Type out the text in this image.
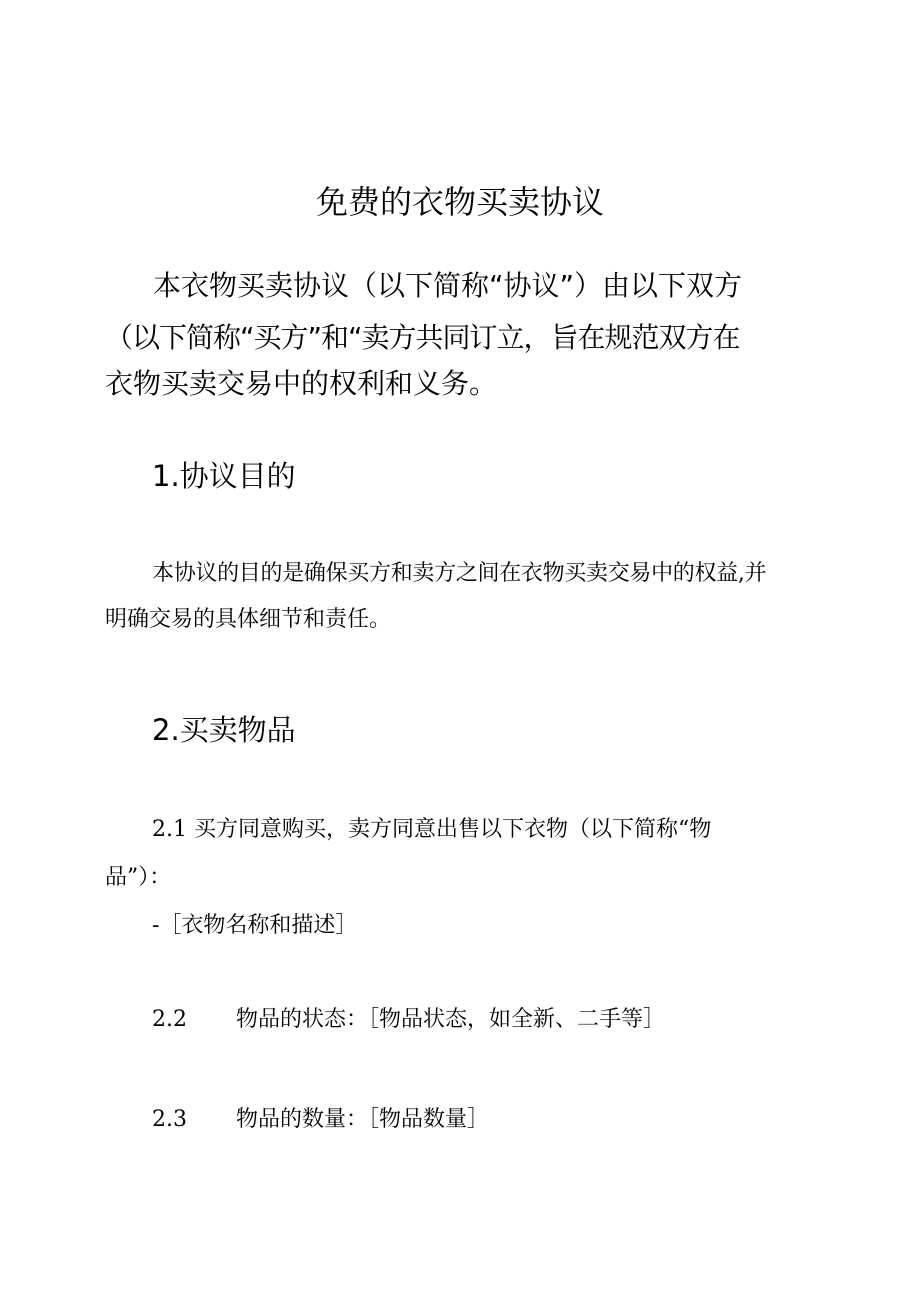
免费的衣物买卖协议
本衣物买卖协议（以下简称“协议”）由以下双方
（以下简称“买方”和“卖方共同订立，旨在规范双方在
衣物买卖交易中的权利和义务。
1.协议目的
本协议的目的是确保买方和卖方之间在衣物买卖交易中的权益,并
明确交易的具体细节和责任。
2.买卖物品
2.1 买方同意购买，卖方同意出售以下衣物（以下简称“物
品”）：
-［衣物名称和描述］
2.2 物品的状态：［物品状态，如全新、二手等］
2.3 物品的数量：［物品数量］
